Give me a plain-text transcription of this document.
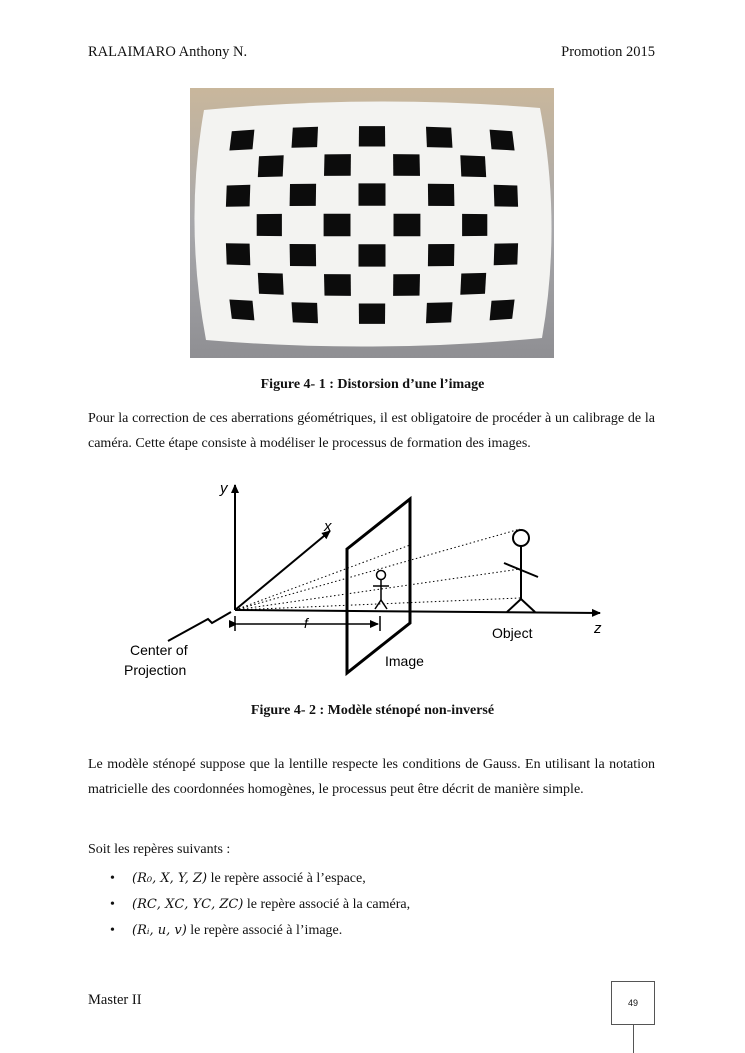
RALAIMARO Anthony N.	Promotion 2015
Figure 4- 1 : Distorsion d’une l’image
Pour la correction de ces aberrations géométriques, il est obligatoire de procéder à un calibrage de la caméra. Cette étape consiste à modéliser le processus de formation des images.
y
x
z
Object
f
Image
Center of
Projection
Figure 4- 2 : Modèle sténopé non-inversé
Le modèle sténopé suppose que la lentille respecte les conditions de Gauss. En utilisant la notation matricielle des coordonnées homogènes, le processus peut être décrit de manière simple.
Soit les repères suivants :
• (R₀, X, Y, Z) le repère associé à l’espace,
• (R𝐶, X𝐶, Y𝐶, Z𝐶) le repère associé à la caméra,
• (Rᵢ, u, v) le repère associé à l’image.
Master II	49
